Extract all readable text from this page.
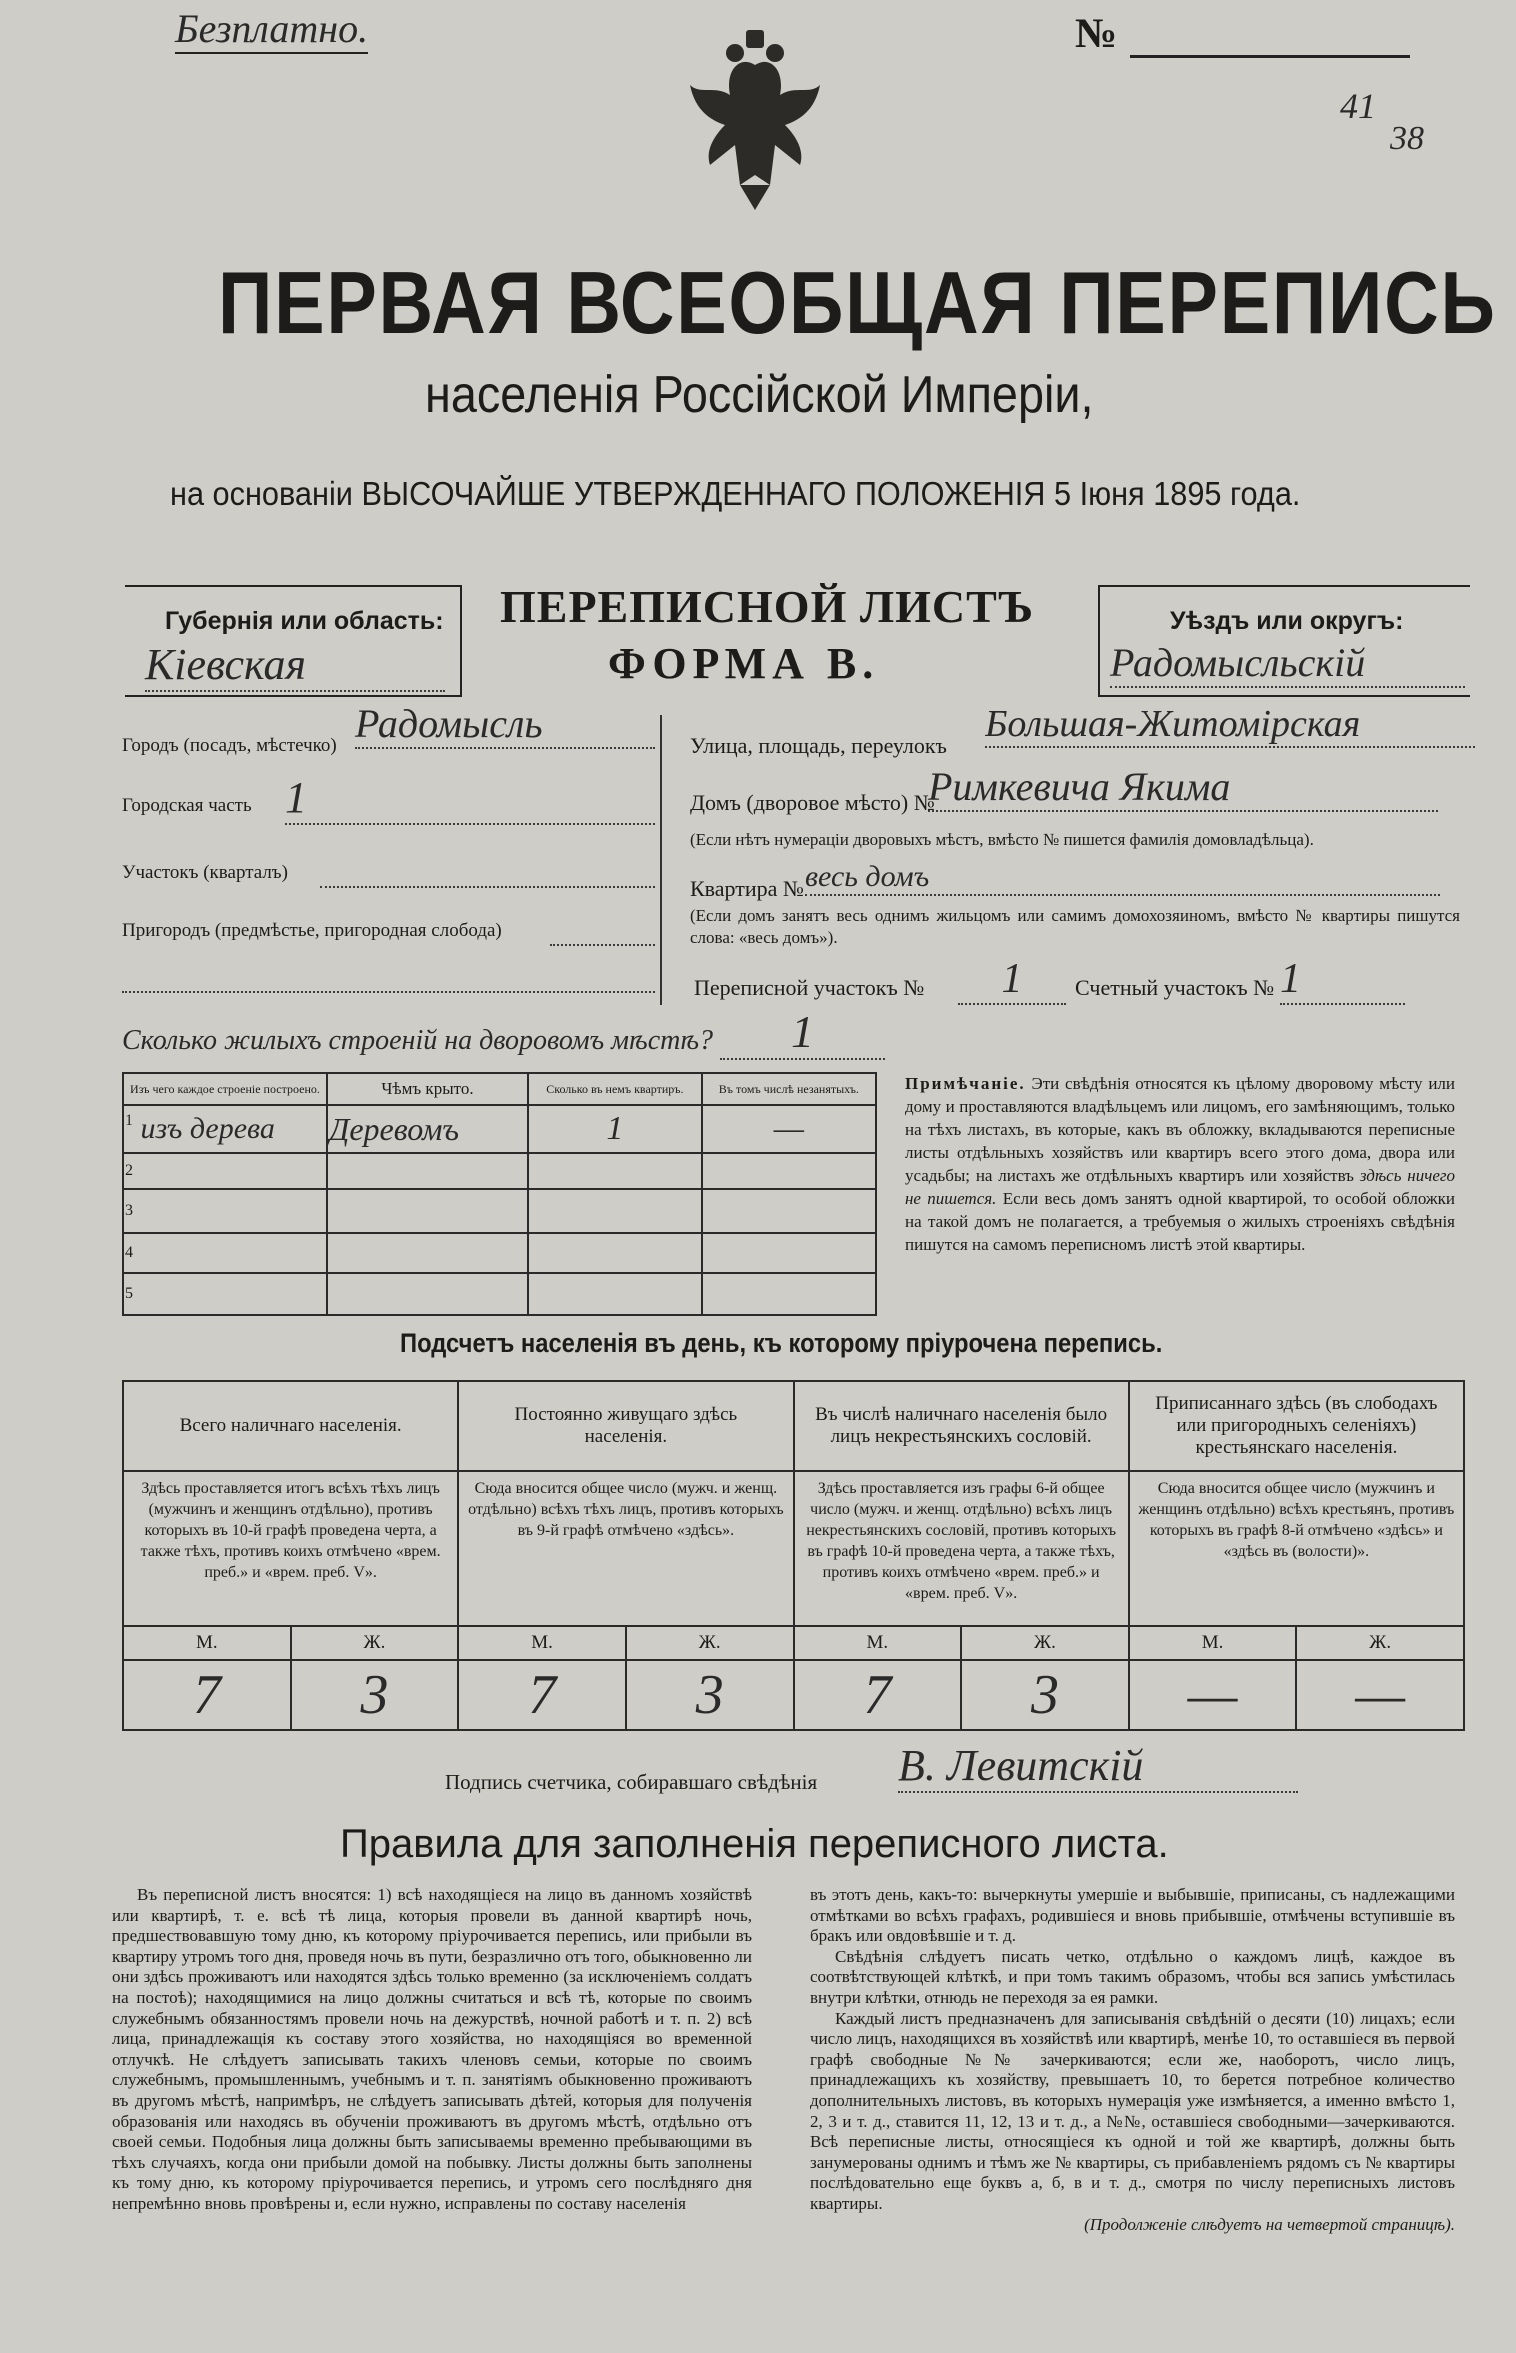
Безплатно.	№
41
38
ПЕРВАЯ ВСЕОБЩАЯ ПЕРЕПИСЬ
населенія Россійской Имперіи,
на основаніи ВЫСОЧАЙШЕ УТВЕРЖДЕННАГО ПОЛОЖЕНІЯ 5 Іюня 1895 года.
Губернія или область:
Кіевская
ПЕРЕПИСНОЙ ЛИСТЪ
ФОРМА В.
Уѣздъ или округъ:
Радомысльскій
Городъ (посадъ, мѣстечко) Радомысль
Городская часть 1
Участокъ (кварталъ)
Пригородъ (предмѣстье, пригородная слобода)
Улица, площадь, переулокъ
Большая-Житомірская
Домъ (дворовое мѣсто) №
Римкевича Якима
(Если нѣтъ нумераціи дворовыхъ мѣстъ, вмѣсто № пишется фамилія домовладѣльца).
Квартира № весь домъ
(Если домъ занятъ весь однимъ жильцомъ или самимъ домохозяиномъ, вмѣсто № квартиры пишутся слова: «весь домъ»).
Переписной участокъ №	1	Счетный участокъ № 1
Сколько жилыхъ строеній на дворовомъ мѣстѣ?	1
Изъ чего каждое строеніе построено.	Чѣмъ крыто.	Сколько въ немъ квартиръ.	Въ томъ числѣ незанятыхъ.
$^1$ изъ дерева	Деревомъ	1	—
2			
3			
4			
5			
Примѣчаніе. Эти свѣдѣнія относятся къ цѣлому дворовому мѣсту или дому и проставляются владѣльцемъ или лицомъ, его замѣняющимъ, только на тѣхъ листахъ, въ которые, какъ въ обложку, вкладываются переписные листы отдѣльныхъ хозяйствъ или квартиръ всего этого дома, двора или усадьбы; на листахъ же отдѣльныхъ квартиръ или хозяйствъ здѣсь ничего не пишется. Если весь домъ занятъ одной квартирой, то особой обложки на такой домъ не полагается, а требуемыя о жилыхъ строеніяхъ свѣдѣнія пишутся на самомъ переписномъ листѣ этой квартиры.
Подсчетъ населенія въ день, къ которому пріурочена перепись.
Всего наличнаго населенія.		Постоянно живущаго здѣсь населенія.		Въ числѣ наличнаго населенія было лицъ некрестьянскихъ сословій.		Приписаннаго здѣсь (въ слободахъ или пригородныхъ селеніяхъ) крестьянскаго населенія.	
Здѣсь проставляется итогъ всѣхъ тѣхъ лицъ (мужчинъ и женщинъ отдѣльно), противъ которыхъ въ 10-й графѣ проведена черта, а также тѣхъ, противъ коихъ отмѣчено «врем. преб.» и «врем. преб. V».		Сюда вносится общее число (мужч. и женщ. отдѣльно) всѣхъ тѣхъ лицъ, противъ которыхъ въ 9-й графѣ отмѣчено «здѣсь».		Здѣсь проставляется изъ графы 6-й общее число (мужч. и женщ. отдѣльно) всѣхъ лицъ некрестьянскихъ сословій, противъ которыхъ въ графѣ 10-й проведена черта, а также тѣхъ, противъ коихъ отмѣчено «врем. преб.» и «врем. преб. V».		Сюда вносится общее число (мужчинъ и женщинъ отдѣльно) всѣхъ крестьянъ, противъ которыхъ въ графѣ 8-й отмѣчено «здѣсь» и «здѣсь въ (волости)».	
М.	Ж.	М.	Ж.	М.	Ж.	М.	Ж.
7	3	7	3	7	3	—	—
Подпись счетчика, собиравшаго свѣдѣнія В. Левитскій
Правила для заполненія переписного листа.
Въ переписной листъ вносятся: 1) всѣ находящіеся на лицо въ данномъ хозяйствѣ или квартирѣ, т. е. всѣ тѣ лица, которыя провели въ данной квартирѣ ночь, предшествовавшую тому дню, къ которому пріурочивается перепись, или прибыли въ квартиру утромъ того дня, проведя ночь въ пути, безразлично отъ того, обыкновенно ли они здѣсь проживаютъ или находятся здѣсь только временно (за исключеніемъ солдатъ на постоѣ); находящимися на лицо должны считаться и всѣ тѣ, которые по своимъ служебнымъ обязанностямъ провели ночь на дежурствѣ, ночной работѣ и т. п. 2) всѣ лица, принадлежащія къ составу этого хозяйства, но находящіяся во временной отлучкѣ. Не слѣдуетъ записывать такихъ членовъ семьи, которые по своимъ служебнымъ, промышленнымъ, учебнымъ и т. п. занятіямъ обыкновенно проживаютъ въ другомъ мѣстѣ, напримѣръ, не слѣдуетъ записывать дѣтей, которыя для полученія образованія или находясь въ обученіи проживаютъ въ другомъ мѣстѣ, отдѣльно отъ своей семьи. Подобныя лица должны быть записываемы временно пребывающими въ тѣхъ случаяхъ, когда они прибыли домой на побывку. Листы должны быть заполнены къ тому дню, къ которому пріурочивается перепись, и утромъ сего послѣдняго дня непремѣнно вновь провѣрены и, если нужно, исправлены по составу населенія
въ этотъ день, какъ-то: вычеркнуты умершіе и выбывшіе, приписаны, съ надлежащими отмѣтками во всѣхъ графахъ, родившіеся и вновь прибывшіе, отмѣчены вступившіе въ бракъ или овдовѣвшіе и т. д.
Свѣдѣнія слѣдуетъ писать четко, отдѣльно о каждомъ лицѣ, каждое въ соотвѣтствующей клѣткѣ, и при томъ такимъ образомъ, чтобы вся запись умѣстилась внутри клѣтки, отнюдь не переходя за ея рамки.
Каждый листъ предназначенъ для записыванія свѣдѣній о десяти (10) лицахъ; если число лицъ, находящихся въ хозяйствѣ или квартирѣ, менѣе 10, то оставшіеся въ первой графѣ свободные №№ зачеркиваются; если же, наоборотъ, число лицъ, принадлежащихъ къ хозяйству, превышаетъ 10, то берется потребное количество дополнительныхъ листовъ, въ которыхъ нумерація уже измѣняется, а именно вмѣсто 1, 2, 3 и т. д., ставится 11, 12, 13 и т. д., а №№, оставшіеся свободными—зачеркиваются. Всѣ переписные листы, относящіеся къ одной и той же квартирѣ, должны быть занумерованы однимъ и тѣмъ же № квартиры, съ прибавленіемъ рядомъ съ № квартиры послѣдовательно еще буквъ а, б, в и т. д., смотря по числу переписныхъ листовъ квартиры.
(Продолженіе слѣдуетъ на четвертой страницѣ).
